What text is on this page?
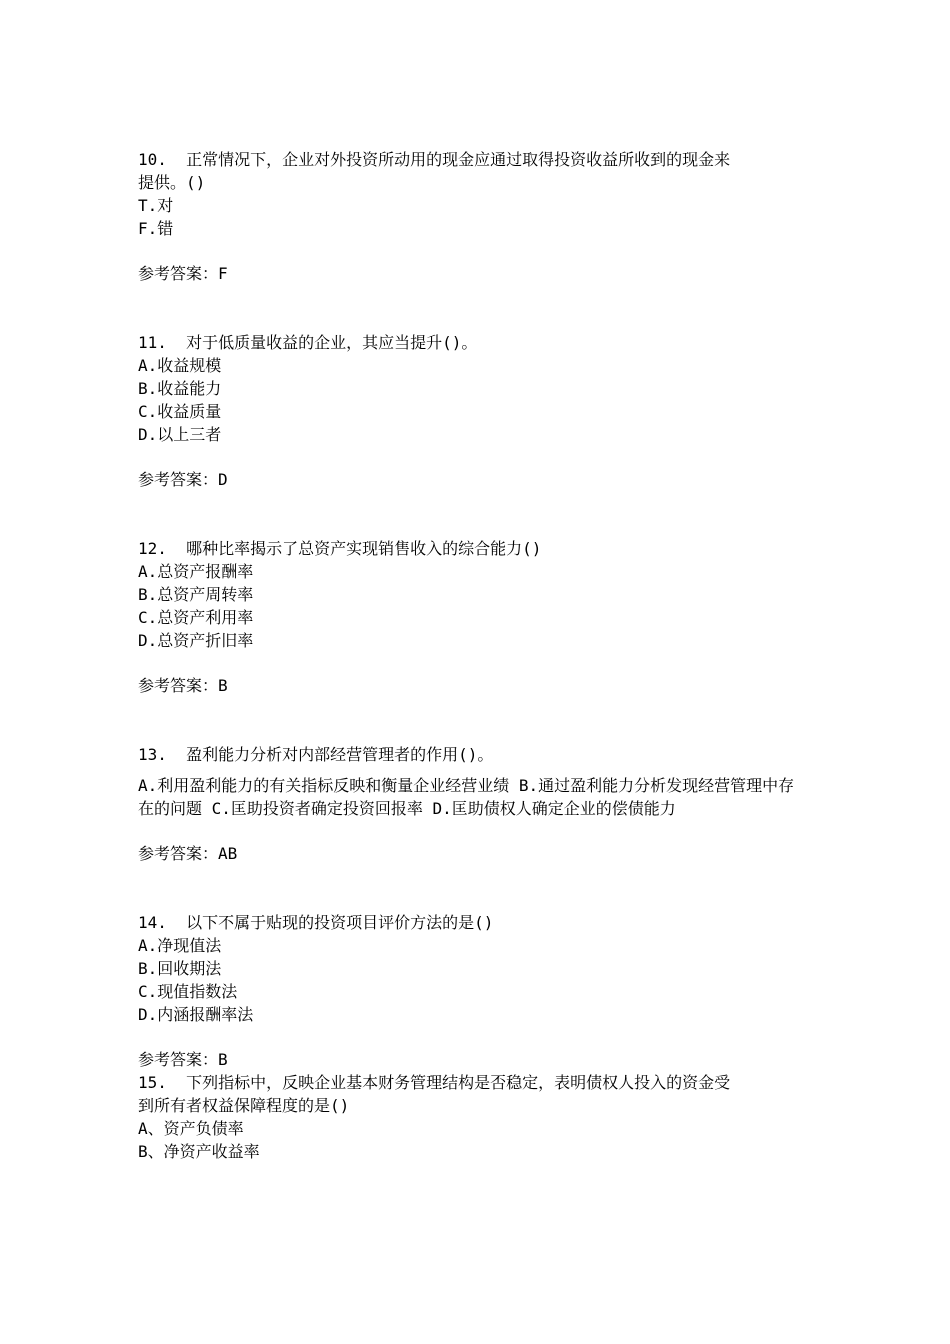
10.  正常情况下，企业对外投资所动用的现金应通过取得投资收益所收到的现金来
提供。()
T.对
F.错
参考答案：F
11.  对于低质量收益的企业，其应当提升()。
A.收益规模
B.收益能力
C.收益质量
D.以上三者
参考答案：D
12.  哪种比率揭示了总资产实现销售收入的综合能力()
A.总资产报酬率
B.总资产周转率
C.总资产利用率
D.总资产折旧率
参考答案：B
13.  盈利能力分析对内部经营管理者的作用()。
A.利用盈利能力的有关指标反映和衡量企业经营业绩 B.通过盈利能力分析发现经营管理中存在的问题 C.匡助投资者确定投资回报率 D.匡助债权人确定企业的偿债能力
参考答案：AB
14.  以下不属于贴现的投资项目评价方法的是()
A.净现值法
B.回收期法
C.现值指数法
D.内涵报酬率法
参考答案：B
15.  下列指标中，反映企业基本财务管理结构是否稳定，表明债权人投入的资金受
到所有者权益保障程度的是()
A、资产负债率
B、净资产收益率
